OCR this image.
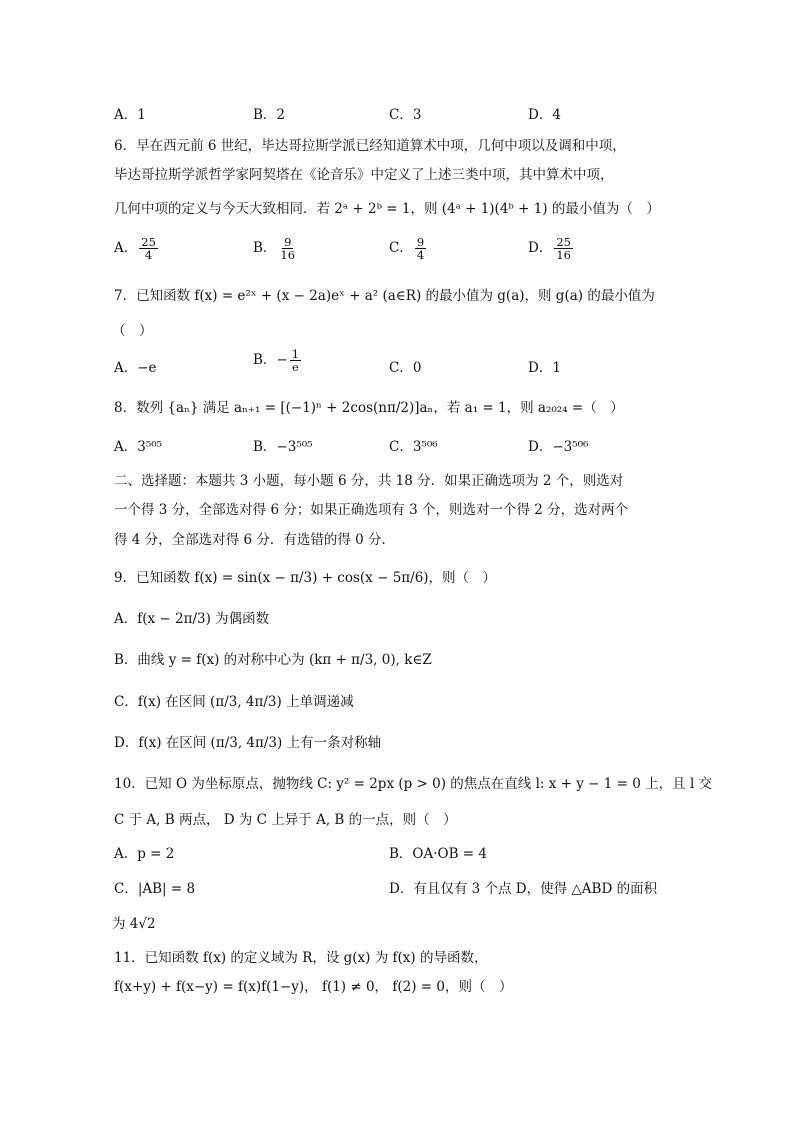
A．1	B．2	C．3	D．4
6．早在西元前 6 世纪，毕达哥拉斯学派已经知道算术中项，几何中项以及调和中项，
毕达哥拉斯学派哲学家阿契塔在《论音乐》中定义了上述三类中项，其中算术中项，
几何中项的定义与今天大致相同．若 2ᵃ + 2ᵇ = 1，则 (4ᵃ + 1)(4ᵇ + 1) 的最小值为（　）
A． $\frac{25}{4}$	B． $\frac{9}{16}$	C． $\frac{9}{4}$	D． $\frac{25}{16}$
7．已知函数 f(x) = e²ˣ + (x − 2a)eˣ + a² (a∈R) 的最小值为 g(a)，则 g(a) 的最小值为
（　）
A．−e	B．− $\frac{1}{e}$	C．0	D．1
8．数列 {aₙ} 满足 aₙ₊₁ = [(−1)ⁿ + 2cos(nπ/2)]aₙ，若 a₁ = 1，则 a₂₀₂₄ =（　）
A．3⁵⁰⁵	B．−3⁵⁰⁵	C．3⁵⁰⁶	D．−3⁵⁰⁶
二、选择题：本题共 3 小题，每小题 6 分，共 18 分．如果正确选项为 2 个，则选对
一个得 3 分，全部选对得 6 分；如果正确选项有 3 个，则选对一个得 2 分，选对两个
得 4 分，全部选对得 6 分．有选错的得 0 分．
9．已知函数 f(x) = sin(x − π/3) + cos(x − 5π/6)，则（　）
A．f(x − 2π/3) 为偶函数
B．曲线 y = f(x) 的对称中心为 (kπ + π/3, 0), k∈Z
C．f(x) 在区间 (π/3, 4π/3) 上单调递减
D．f(x) 在区间 (π/3, 4π/3) 上有一条对称轴
10．已知 O 为坐标原点，抛物线 C: y² = 2px (p > 0) 的焦点在直线 l: x + y − 1 = 0 上，且 l 交
C 于 A, B 两点， D 为 C 上异于 A, B 的一点，则（　）
A．p = 2	B．OA·OB = 4
C．|AB| = 8	D．有且仅有 3 个点 D，使得 △ABD 的面积
为 4√2
11．已知函数 f(x) 的定义域为 R，设 g(x) 为 f(x) 的导函数，
f(x+y) + f(x−y) = f(x)f(1−y)， f(1) ≠ 0， f(2) = 0，则（　）
